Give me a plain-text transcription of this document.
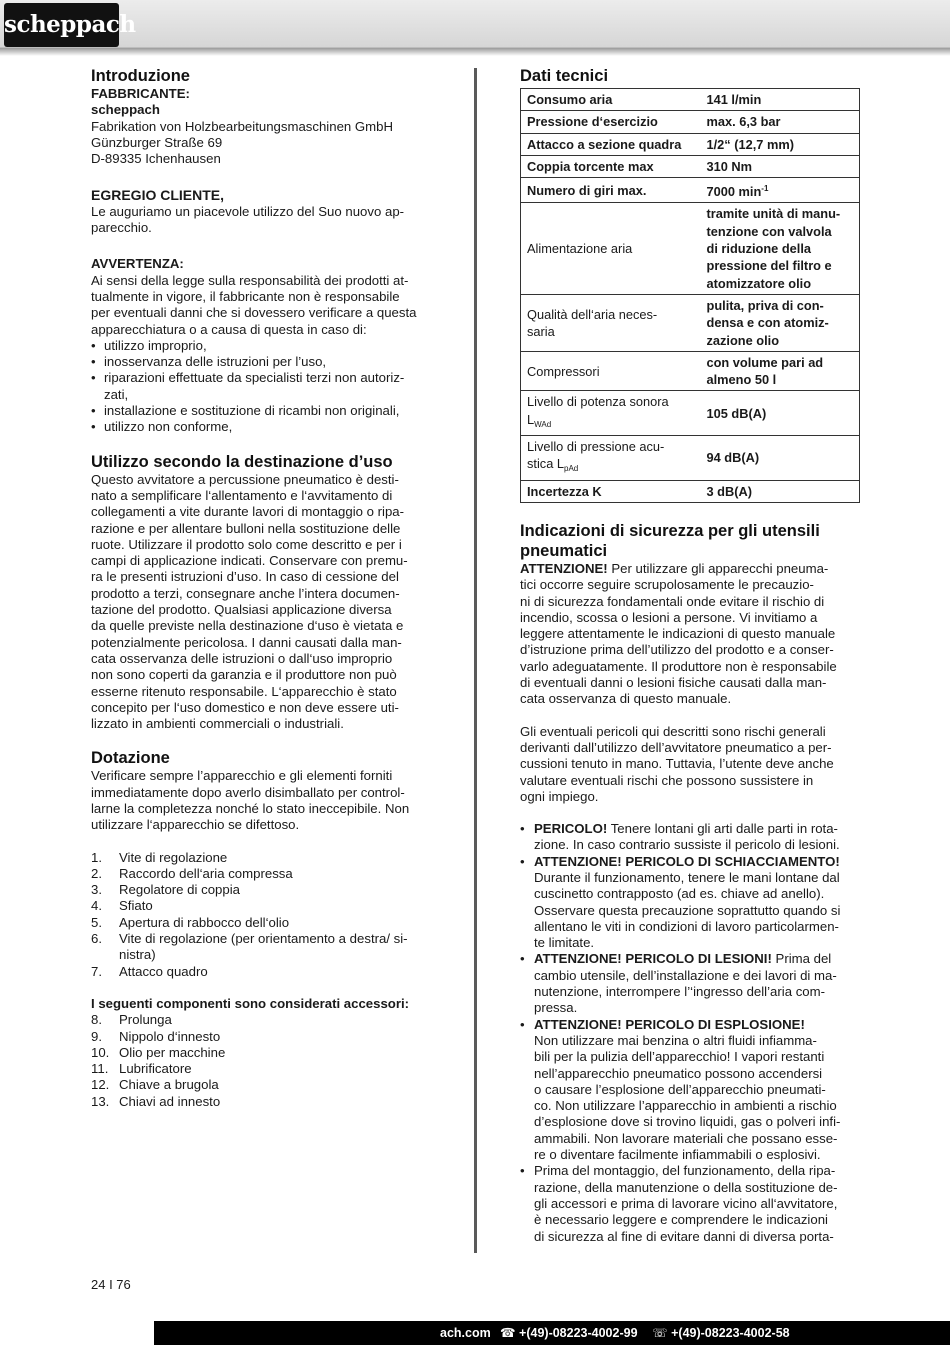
scheppach
Introduzione

FABBRICANTE:

scheppach

Fabrikation von Holzbearbeitungsmaschinen GmbH
Günzburger Straße 69
D-89335 Ichenhausen

EGREGIO CLIENTE,

Le auguriamo un piacevole utilizzo del Suo nuovo ap-
parecchio.

AVVERTENZA:

Ai sensi della legge sulla responsabilità dei prodotti at-
tualmente in vigore, il fabbricante non è responsabile
per eventuali danni che si dovessero verificare a questa
apparecchiatura o a causa di questa in caso di:
• utilizzo improprio,
• inosservanza delle istruzioni per l’uso,
• riparazioni effettuate da specialisti terzi non autoriz-
zati,
• installazione e sostituzione di ricambi non originali,
• utilizzo non conforme,
Utilizzo secondo la destinazione d’uso
Questo avvitatore a percussione pneumatico è desti-
nato a semplificare l‘allentamento e l‘avvitamento di
collegamenti a vite durante lavori di montaggio o ripa-
razione e per allentare bulloni nella sostituzione delle
ruote. Utilizzare il prodotto solo come descritto e per i
campi di applicazione indicati. Conservare con premu-
ra le presenti istruzioni d’uso. In caso di cessione del
prodotto a terzi, consegnare anche l’intera documen-
tazione del prodotto. Qualsiasi applicazione diversa
da quelle previste nella destinazione d‘uso è vietata e
potenzialmente pericolosa. I danni causati dalla man-
cata osservanza delle istruzioni o dall‘uso improprio
non sono coperti da garanzia e il produttore non può
esserne ritenuto responsabile. L‘apparecchio è stato
concepito per l‘uso domestico e non deve essere uti-
lizzato in ambienti commerciali o industriali.
Dotazione
Verificare sempre l’apparecchio e gli elementi forniti
immediatamente dopo averlo disimballato per control-
larne la completezza nonché lo stato ineccepibile. Non
utilizzare l‘apparecchio se difettoso.
1. Vite di regolazione
2. Raccordo dell‘aria compressa
3. Regolatore di coppia
4. Sfiato
5. Apertura di rabbocco dell‘olio
6. Vite di regolazione (per orientamento a destra/ si-
nistra)
7. Attacco quadro

I seguenti componenti sono considerati accessori:

8. Prolunga
9. Nippolo d‘innesto
10. Olio per macchine
11. Lubrificatore
12. Chiave a brugola
13. Chiavi ad innesto
Dati tecnici
Consumo aria	141 l/min
Pressione d‘esercizio	max. 6,3 bar
Attacco a sezione quadra	1/2“ (12,7 mm)
Coppia torcente max	310 Nm
Numero di giri max.	7000 $\min^{-1}$
Alimentazione aria	tramite unità di manu-
tenzione con valvola
di riduzione della
pressione del filtro e
atomizzatore olio
Qualità dell‘aria neces-
saria	pulita, priva di con-
densa e con atomiz-
zazione olio
Compressori	con volume pari ad
almeno 50 l
Livello di potenza sonora
$L_{WAd}$	105 dB(A)
Livello di pressione acu-
stica $L_{pAd}$	94 dB(A)
Incertezza K	3 dB(A)
Indicazioni di sicurezza per gli utensili
pneumatici

ATTENZIONE! Per utilizzare gli apparecchi pneuma-
tici occorre seguire scrupolosamente le precauzio-
ni di sicurezza fondamentali onde evitare il rischio di
incendio, scossa o lesioni a persone. Vi invitiamo a
leggere attentamente le indicazioni di questo manuale
d’istruzione prima dell’utilizzo del prodotto e a conser-
varlo adeguatamente. Il produttore non è responsabile
di eventuali danni o lesioni fisiche causati dalla man-
cata osservanza di questo manuale.

Gli eventuali pericoli qui descritti sono rischi generali
derivanti dall’utilizzo dell’avvitatore pneumatico a per-
cussioni tenuto in mano. Tuttavia, l’utente deve anche
valutare eventuali rischi che possono sussistere in
ogni impiego.
• PERICOLO! Tenere lontani gli arti dalle parti in rota-
zione. In caso contrario sussiste il pericolo di lesioni.
• ATTENZIONE! PERICOLO DI SCHIACCIAMENTO!
Durante il funzionamento, tenere le mani lontane dal
cuscinetto contrapposto (ad es. chiave ad anello).
Osservare questa precauzione soprattutto quando si
allentano le viti in condizioni di lavoro particolarmen-
te limitate.
• ATTENZIONE! PERICOLO DI LESIONI! Prima del
cambio utensile, dell’installazione e dei lavori di ma-
nutenzione, interrompere l’‘ingresso dell’aria com-
pressa.
• ATTENZIONE! PERICOLO DI ESPLOSIONE!
Non utilizzare mai benzina o altri fluidi infiamma-
bili per la pulizia dell’apparecchio! I vapori restanti
nell’apparecchio pneumatico possono accendersi
o causare l’esplosione dell’apparecchio pneumati-
co. Non utilizzare l’apparecchio in ambienti a rischio
d’esplosione dove si trovino liquidi, gas o polveri infi-
ammabili. Non lavorare materiali che possano esse-
re o diventare facilmente infiammabili o esplosivi.
• Prima del montaggio, del funzionamento, della ripa-
razione, della manutenzione o della sostituzione de-
gli accessori e prima di lavorare vicino all‘avvitatore,
è necessario leggere e comprendere le indicazioni
di sicurezza al fine di evitare danni di diversa porta-
24 I 76
ach.com ☎ +(49)-08223-4002-99 ☏ +(49)-08223-4002-58
